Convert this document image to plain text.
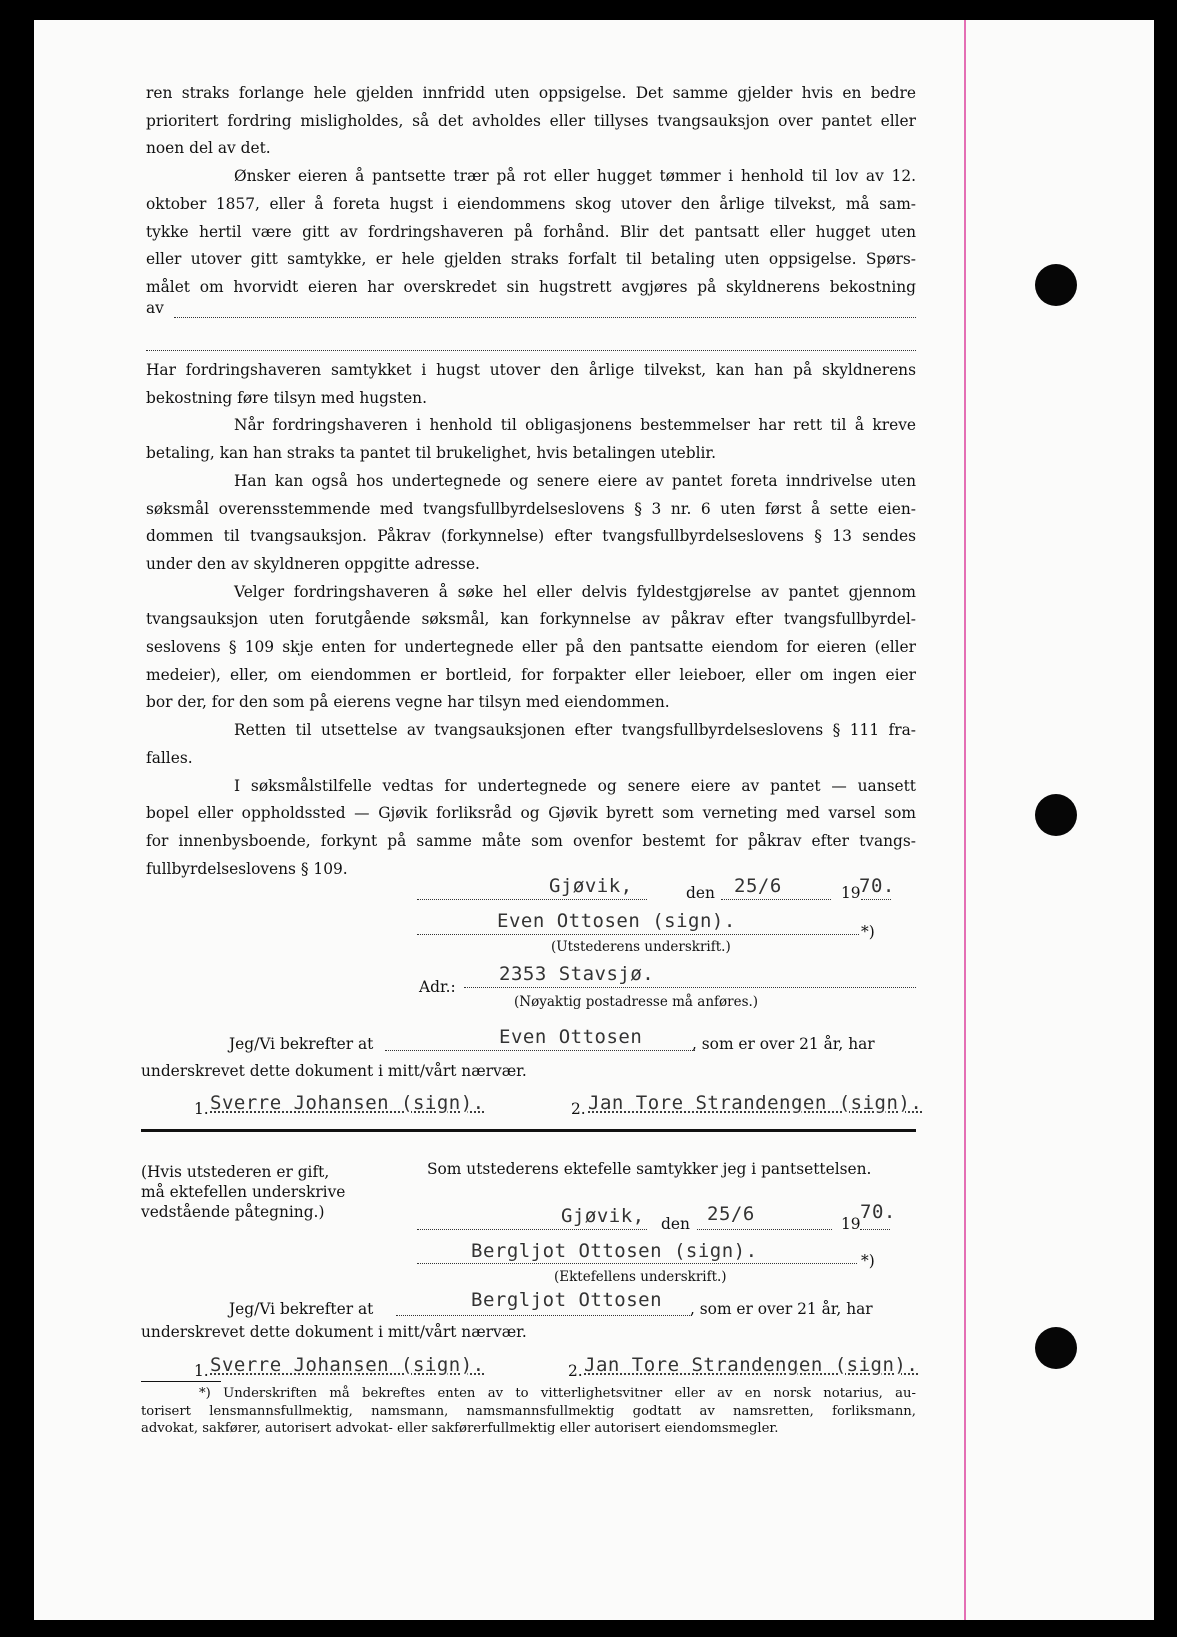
ren straks forlange hele gjelden innfridd uten oppsigelse. Det samme gjelder hvis en bedre
prioritert fordring misligholdes, så det avholdes eller tillyses tvangsauksjon over pantet eller
noen del av det.
Ønsker eieren å pantsette trær på rot eller hugget tømmer i henhold til lov av 12.
oktober 1857, eller å foreta hugst i eiendommens skog utover den årlige tilvekst, må sam-
tykke hertil være gitt av fordringshaveren på forhånd. Blir det pantsatt eller hugget uten
eller utover gitt samtykke, er hele gjelden straks forfalt til betaling uten oppsigelse. Spørs-
målet om hvorvidt eieren har overskredet sin hugstrett avgjøres på skyldnerens bekostning

av

Har fordringshaveren samtykket i hugst utover den årlige tilvekst, kan han på skyldnerens
bekostning føre tilsyn med hugsten.
Når fordringshaveren i henhold til obligasjonens bestemmelser har rett til å kreve
betaling, kan han straks ta pantet til brukelighet, hvis betalingen uteblir.
Han kan også hos undertegnede og senere eiere av pantet foreta inndrivelse uten
søksmål overensstemmende med tvangsfullbyrdelseslovens § 3 nr. 6 uten først å sette eien-
dommen til tvangsauksjon. Påkrav (forkynnelse) efter tvangsfullbyrdelseslovens § 13 sendes
under den av skyldneren oppgitte adresse.
Velger fordringshaveren å søke hel eller delvis fyldestgjørelse av pantet gjennom
tvangsauksjon uten forutgående søksmål, kan forkynnelse av påkrav efter tvangsfullbyrdel-
seslovens § 109 skje enten for undertegnede eller på den pantsatte eiendom for eieren (eller
medeier), eller, om eiendommen er bortleid, for forpakter eller leieboer, eller om ingen eier
bor der, for den som på eierens vegne har tilsyn med eiendommen.
Retten til utsettelse av tvangsauksjonen efter tvangsfullbyrdelseslovens § 111 fra-
falles.
I søksmålstilfelle vedtas for undertegnede og senere eiere av pantet — uansett
bopel eller oppholdssted — Gjøvik forliksråd og Gjøvik byrett som verneting med varsel som
for innenbysboende, forkynt på samme måte som ovenfor bestemt for påkrav efter tvangs-
fullbyrdelseslovens § 109.

Gjøvik,	den 25/6	19
70.
Even Ottosen (sign).	*)
(Utstederens underskrift.)
Adr.:
2353 Stavsjø.
(Nøyaktig postadresse må anføres.)
Jeg/Vi bekrefter at	Even Ottosen	, som er over 21 år, har
underskrevet dette dokument i mitt/vårt nærvær.
1. Sverre Johansen (sign).	2. Jan Tore Strandengen (sign).
(Hvis utstederen er gift,
må ektefellen underskrive
vedstående påtegning.)
Som utstederens ektefelle samtykker jeg i pantsettelsen.
Gjøvik, den 25/6	19
70.
Bergljot Ottosen (sign).	*)
(Ektefellens underskrift.)
Jeg/Vi bekrefter at	Bergljot Ottosen , som er over 21 år, har
underskrevet dette dokument i mitt/vårt nærvær.
1. Sverre Johansen (sign).	2. Jan Tore Strandengen (sign).
*) Underskriften må bekreftes enten av to vitterlighetsvitner eller av en norsk notarius, au-
torisert lensmannsfullmektig, namsmann, namsmannsfullmektig godtatt av namsretten, forliksmann,
advokat, sakfører, autorisert advokat- eller sakførerfullmektig eller autorisert eiendomsmegler.
